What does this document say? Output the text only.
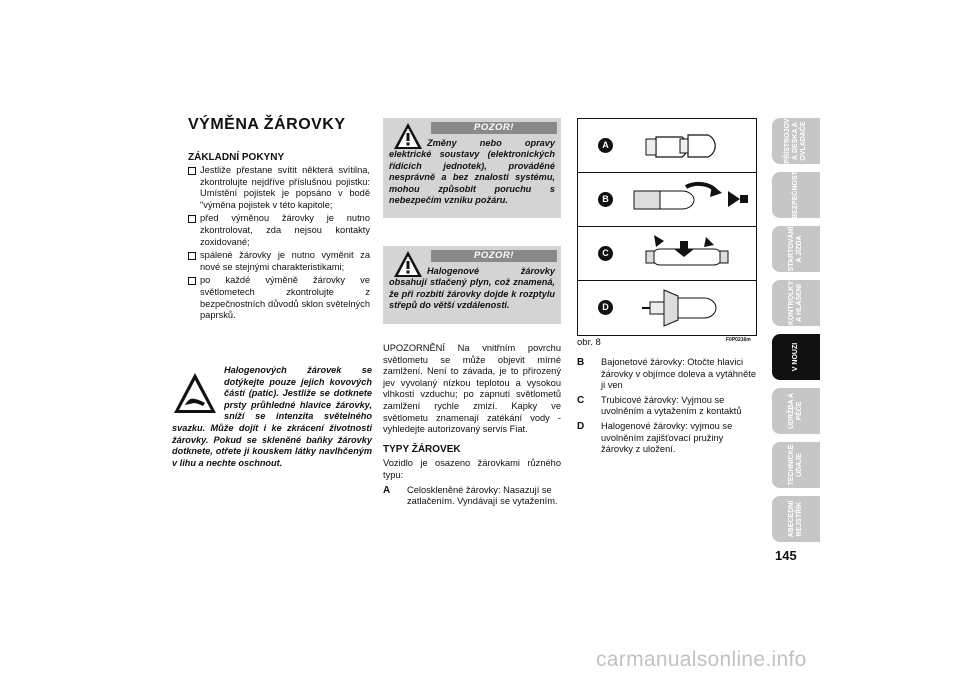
VÝMĚNA ŽÁROVKY
ZÁKLADNÍ POKYNY
Jestliže přestane svítit některá svítilna, zkontrolujte nejdříve příslušnou pojistku: Umístění pojistek je popsáno v bodě "výměna pojistek v této kapitole;
před výměnou žárovky je nutno zkontrolovat, zda nejsou kontakty zoxidované;
spálené žárovky je nutno vyměnit za nové se stejnými charakteristikami;
po každé výměně žárovky ve světlometech zkontrolujte z bezpečnostních důvodů sklon světelných paprsků.
Halogenových žárovek se dotýkejte pouze jejich kovových částí (patic). Jestliže se dotknete prsty průhledné hlavice žárovky, sníží se intenzita světelného svazku. Může dojít i ke zkrácení životnosti žárovky. Pokud se skleněné baňky žárovky dotknete, otřete ji kouskem látky navlhčeným v lihu a nechte oschnout.
POZOR!
Změny nebo opravy elektrické soustavy (elektronických řídicích jednotek), prováděné nesprávně a bez znalosti systému, mohou způsobit poruchu s nebezpečím vzniku požáru.
POZOR!
Halogenové žárovky obsahují stlačený plyn, což znamená, že při rozbití žárovky dojde k rozptylu střepů do větší vzdálenosti.
UPOZORNĚNÍ Na vnitřním povrchu světlometu se může objevit mírné zamlžení. Není to závada, je to přirozený jev vyvolaný nízkou teplotou a vysokou vlhkostí vzduchu; po zapnutí světlometů zamlžení rychle zmizí. Kapky ve světlometu znamenají zatékání vody - vyhledejte autorizovaný servis Fiat.
TYPY ŽÁROVEK
Vozidlo je osazeno žárovkami různého typu:
A	Celoskleněné žárovky: Nasazují se zatlačením. Vyndávají se vytažením.
A
B
C
D
obr. 8	F0P0216m
B	Bajonetové žárovky: Otočte hlavici žárovky v objímce doleva a vytáhněte ji ven
C	Trubicové žárovky: Vyjmou se uvolněním a vytažením z kontaktů
D	Halogenové žárovky: vyjmou se uvolněním zajišťovací pružiny žárovky z uložení.
PŘÍSTROJOV
Á DESKA A
OVLADAČE
BEZPEČNOST
STARTOVÁNÍ
A JÍZDA
KONTROLKY
A HLÁŠENÍ
V NOUZI
ÚDRŽBA A
PÉČE
TECHNICKÉ
ÚDAJE
ABECEDNÍ
REJSTŘÍK
145
carmanualsonline.info
